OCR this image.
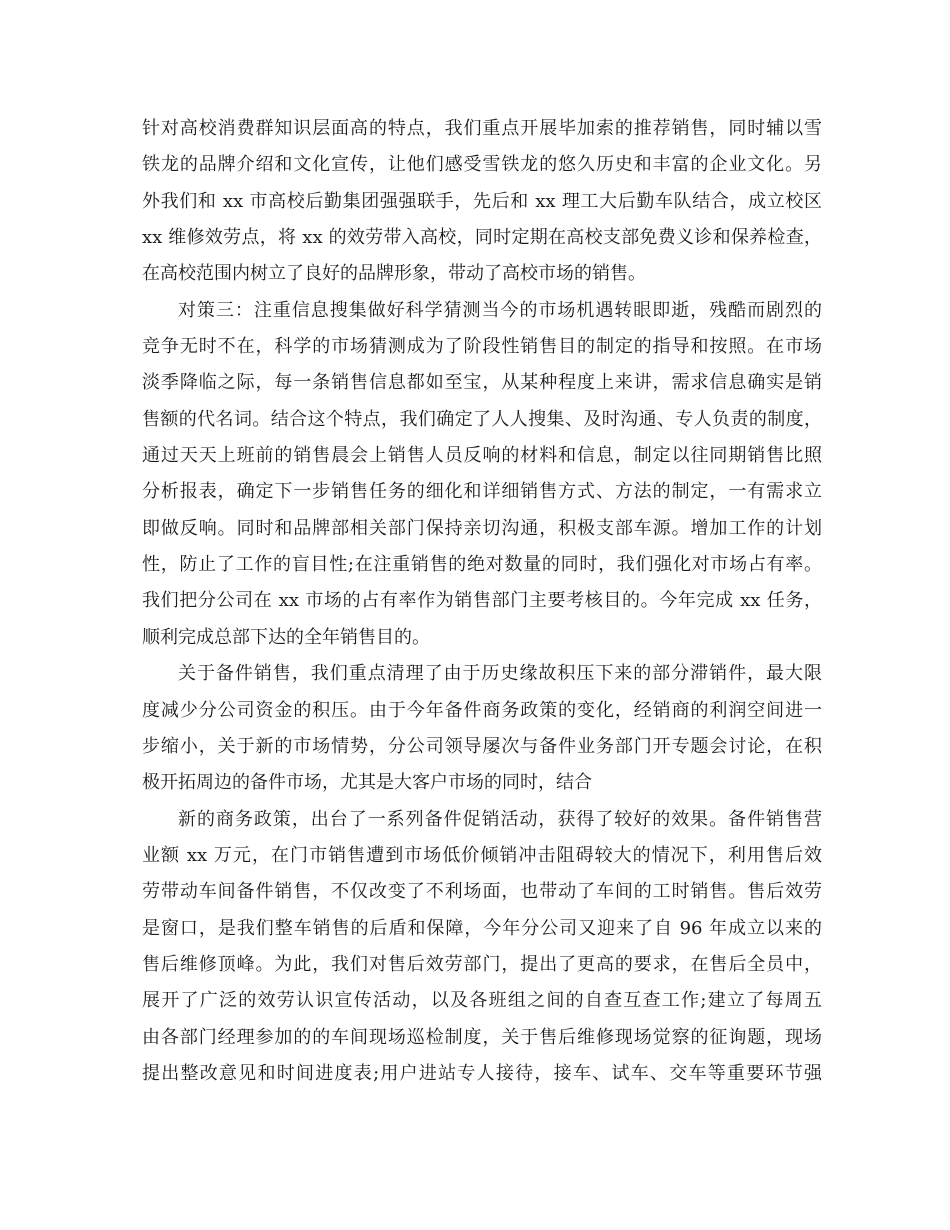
针对高校消费群知识层面高的特点，我们重点开展毕加索的推荐销售，同时辅以雪
铁龙的品牌介绍和文化宣传，让他们感受雪铁龙的悠久历史和丰富的企业文化。另
外我们和 xx 市高校后勤集团强强联手，先后和 xx 理工大后勤车队结合，成立校区
xx 维修效劳点，将 xx 的效劳带入高校，同时定期在高校支部免费义诊和保养检查，
在高校范围内树立了良好的品牌形象，带动了高校市场的销售。
对策三：注重信息搜集做好科学猜测当今的市场机遇转眼即逝，残酷而剧烈的
竞争无时不在，科学的市场猜测成为了阶段性销售目的制定的指导和按照。在市场
淡季降临之际，每一条销售信息都如至宝，从某种程度上来讲，需求信息确实是销
售额的代名词。结合这个特点，我们确定了人人搜集、及时沟通、专人负责的制度，
通过天天上班前的销售晨会上销售人员反响的材料和信息，制定以往同期销售比照
分析报表，确定下一步销售任务的细化和详细销售方式、方法的制定，一有需求立
即做反响。同时和品牌部相关部门保持亲切沟通，积极支部车源。增加工作的计划
性，防止了工作的盲目性;在注重销售的绝对数量的同时，我们强化对市场占有率。
我们把分公司在 xx 市场的占有率作为销售部门主要考核目的。今年完成 xx 任务，
顺利完成总部下达的全年销售目的。
关于备件销售，我们重点清理了由于历史缘故积压下来的部分滞销件，最大限
度减少分公司资金的积压。由于今年备件商务政策的变化，经销商的利润空间进一
步缩小，关于新的市场情势，分公司领导屡次与备件业务部门开专题会讨论，在积
极开拓周边的备件市场，尤其是大客户市场的同时，结合
新的商务政策，出台了一系列备件促销活动，获得了较好的效果。备件销售营
业额 xx 万元，在门市销售遭到市场低价倾销冲击阻碍较大的情况下，利用售后效
劳带动车间备件销售，不仅改变了不利场面，也带动了车间的工时销售。售后效劳
是窗口，是我们整车销售的后盾和保障，今年分公司又迎来了自 96 年成立以来的
售后维修顶峰。为此，我们对售后效劳部门，提出了更高的要求，在售后全员中，
展开了广泛的效劳认识宣传活动，以及各班组之间的自查互查工作;建立了每周五
由各部门经理参加的的车间现场巡检制度，关于售后维修现场觉察的征询题，现场
提出整改意见和时间进度表;用户进站专人接待，接车、试车、交车等重要环节强
